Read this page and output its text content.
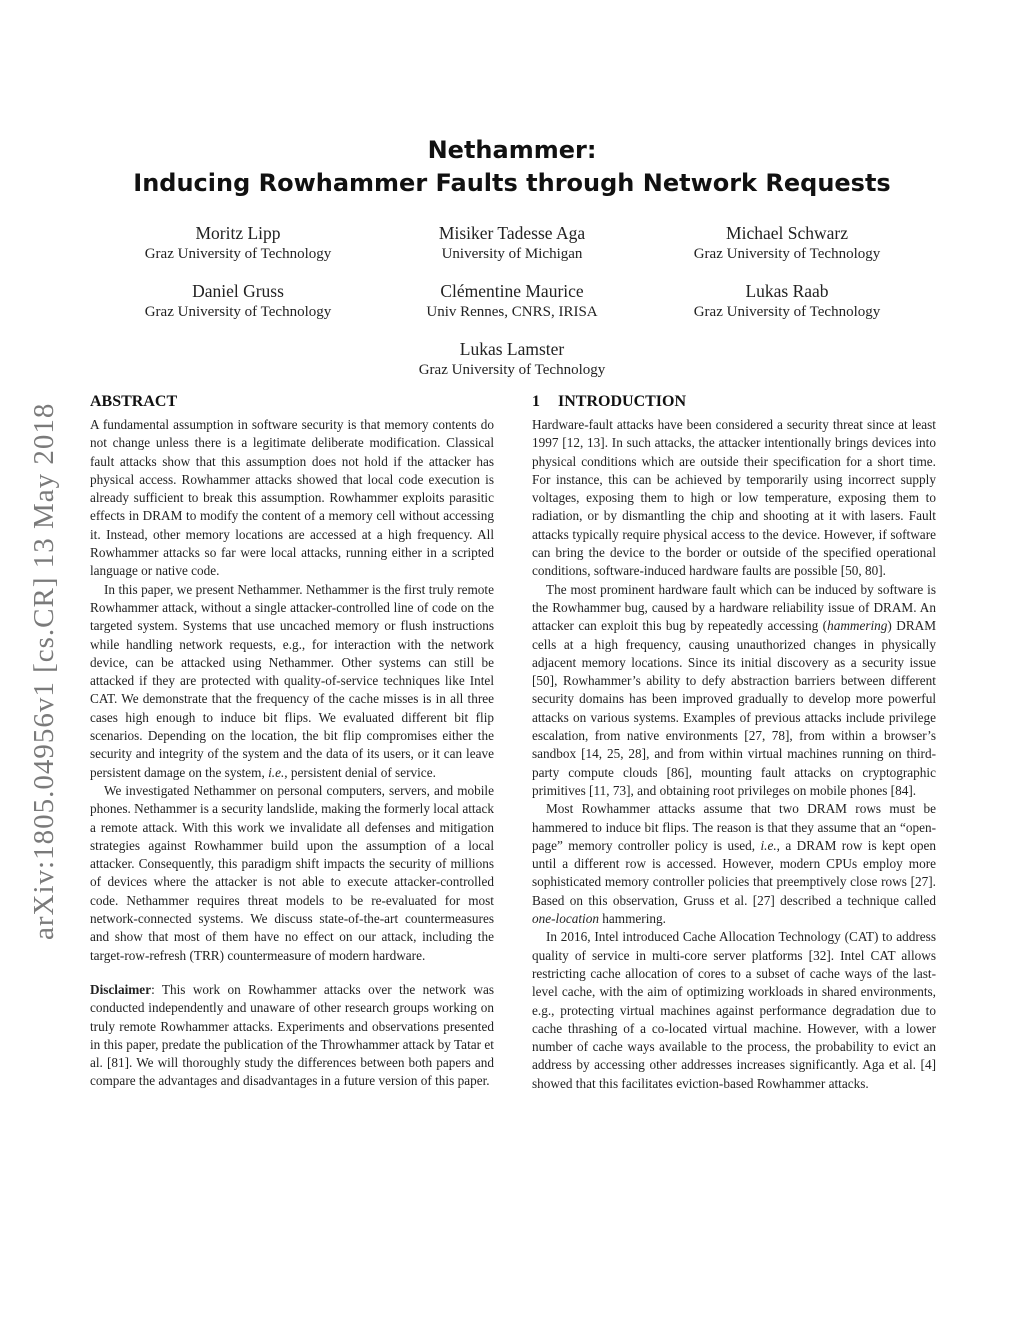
arXiv:1805.04956v1 [cs.CR] 13 May 2018
Nethammer:
Inducing Rowhammer Faults through Network Requests
Moritz Lipp
Graz University of Technology
Misiker Tadesse Aga
University of Michigan
Michael Schwarz
Graz University of Technology
Daniel Gruss
Graz University of Technology
Clémentine Maurice
Univ Rennes, CNRS, IRISA
Lukas Raab
Graz University of Technology
Lukas Lamster
Graz University of Technology
ABSTRACT

A fundamental assumption in software security is that memory contents do not change unless there is a legitimate deliberate modification. Classical fault attacks show that this assumption does not hold if the attacker has physical access. Rowhammer attacks showed that local code execution is already sufficient to break this assumption. Rowhammer exploits parasitic effects in DRAM to modify the content of a memory cell without accessing it. Instead, other memory locations are accessed at a high frequency. All Rowhammer attacks so far were local attacks, running either in a scripted language or native code.

In this paper, we present Nethammer. Nethammer is the first truly remote Rowhammer attack, without a single attacker-controlled line of code on the targeted system. Systems that use uncached memory or flush instructions while handling network requests, e.g., for interaction with the network device, can be attacked using Nethammer. Other systems can still be attacked if they are protected with quality-of-service techniques like Intel CAT. We demonstrate that the frequency of the cache misses is in all three cases high enough to induce bit flips. We evaluated different bit flip scenarios. Depending on the location, the bit flip compromises either the security and integrity of the system and the data of its users, or it can leave persistent damage on the system, i.e., persistent denial of service.

We investigated Nethammer on personal computers, servers, and mobile phones. Nethammer is a security landslide, making the formerly local attack a remote attack. With this work we invalidate all defenses and mitigation strategies against Rowhammer build upon the assumption of a local attacker. Consequently, this paradigm shift impacts the security of millions of devices where the attacker is not able to execute attacker-controlled code. Nethammer requires threat models to be re-evaluated for most network-connected systems. We discuss state-of-the-art countermeasures and show that most of them have no effect on our attack, including the target-row-refresh (TRR) countermeasure of modern hardware.

Disclaimer: This work on Rowhammer attacks over the network was conducted independently and unaware of other research groups working on truly remote Rowhammer attacks. Experiments and observations presented in this paper, predate the publication of the Throwhammer attack by Tatar et al. [81]. We will thoroughly study the differences between both papers and compare the advantages and disadvantages in a future version of this paper.

1 INTRODUCTION

Hardware-fault attacks have been considered a security threat since at least 1997 [12, 13]. In such attacks, the attacker intentionally brings devices into physical conditions which are outside their specification for a short time. For instance, this can be achieved by temporarily using incorrect supply voltages, exposing them to high or low temperature, exposing them to radiation, or by dismantling the chip and shooting at it with lasers. Fault attacks typically require physical access to the device. However, if software can bring the device to the border or outside of the specified operational conditions, software-induced hardware faults are possible [50, 80].

The most prominent hardware fault which can be induced by software is the Rowhammer bug, caused by a hardware reliability issue of DRAM. An attacker can exploit this bug by repeatedly accessing (hammering) DRAM cells at a high frequency, causing unauthorized changes in physically adjacent memory locations. Since its initial discovery as a security issue [50], Rowhammer’s ability to defy abstraction barriers between different security domains has been improved gradually to develop more powerful attacks on various systems. Examples of previous attacks include privilege escalation, from native environments [27, 78], from within a browser’s sandbox [14, 25, 28], and from within virtual machines running on third-party compute clouds [86], mounting fault attacks on cryptographic primitives [11, 73], and obtaining root privileges on mobile phones [84].

Most Rowhammer attacks assume that two DRAM rows must be hammered to induce bit flips. The reason is that they assume that an “open-page” memory controller policy is used, i.e., a DRAM row is kept open until a different row is accessed. However, modern CPUs employ more sophisticated memory controller policies that preemptively close rows [27]. Based on this observation, Gruss et al. [27] described a technique called one-location hammering.

In 2016, Intel introduced Cache Allocation Technology (CAT) to address quality of service in multi-core server platforms [32]. Intel CAT allows restricting cache allocation of cores to a subset of cache ways of the last-level cache, with the aim of optimizing workloads in shared environments, e.g., protecting virtual machines against performance degradation due to cache thrashing of a co-located virtual machine. However, with a lower number of cache ways available to the process, the probability to evict an address by accessing other addresses increases significantly. Aga et al. [4] showed that this facilitates eviction-based Rowhammer attacks.
